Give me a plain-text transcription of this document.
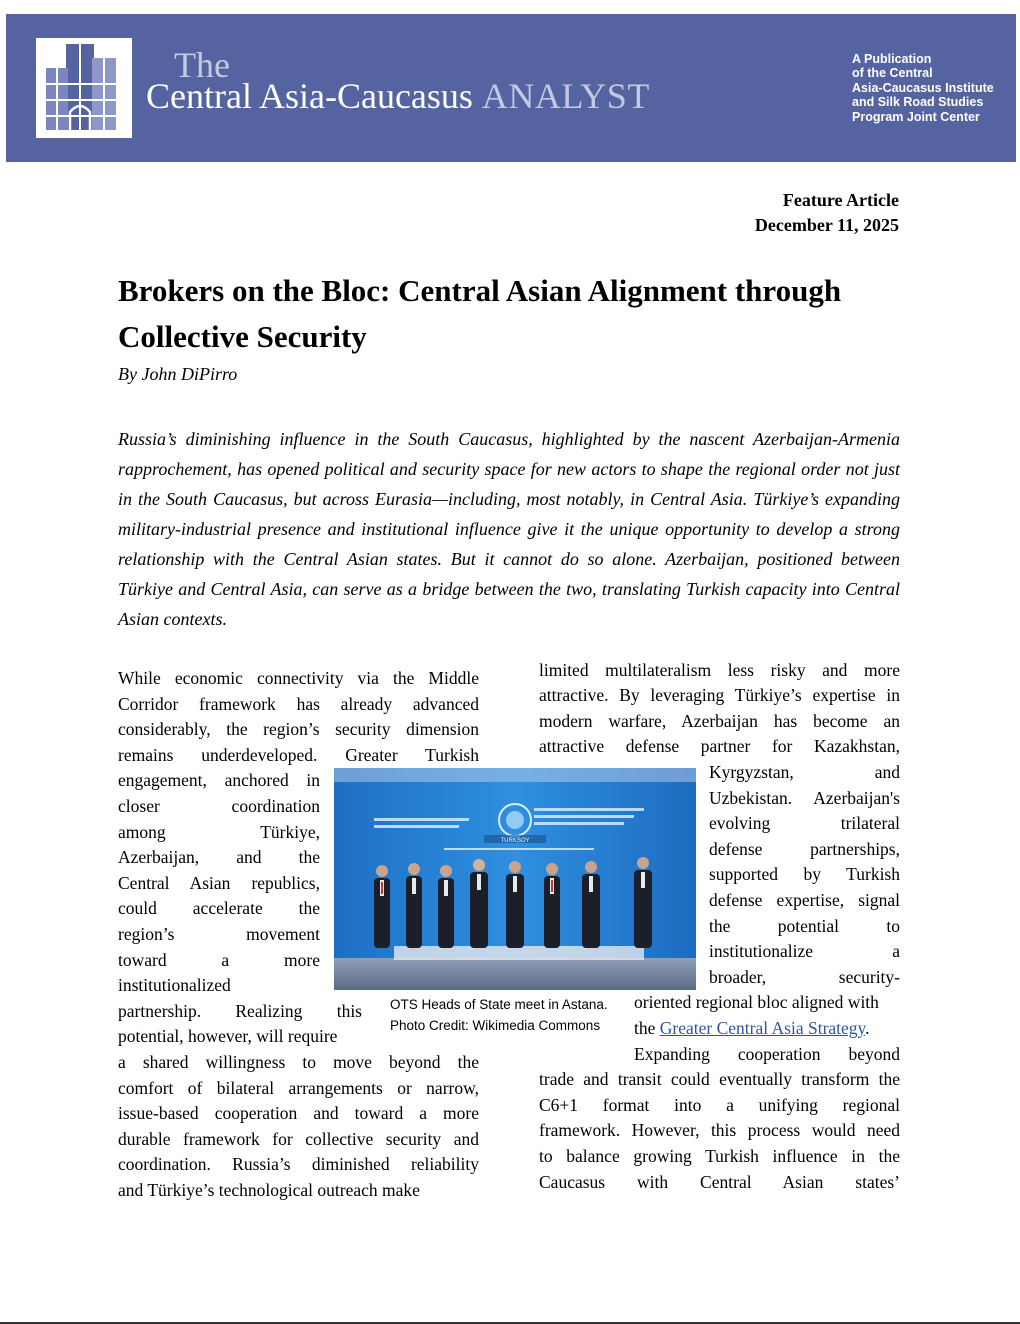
The
Central Asia-Caucasus ANALYST
A Publication
of the Central
Asia-Caucasus Institute
and Silk Road Studies
Program Joint Center
Feature Article
December 11, 2025
Brokers on the Bloc: Central Asian Alignment through Collective Security
By John DiPirro

Russia’s diminishing influence in the South Caucasus, highlighted by the nascent Azerbaijan-Armenia rapprochement, has opened political and security space for new actors to shape the regional order not just in the South Caucasus, but across Eurasia—including, most notably, in Central Asia. Türkiye’s expanding military-industrial presence and institutional influence give it the unique opportunity to develop a strong relationship with the Central Asian states. But it cannot do so alone. Azerbaijan, positioned between Türkiye and Central Asia, can serve as a bridge between the two, translating Turkish capacity into Central Asian contexts.

While economic connectivity via the Middle
Corridor framework has already advanced
considerably, the region’s security dimension
remains underdeveloped. Greater Turkish
engagement, anchored in
closer coordination
among Türkiye,
Azerbaijan, and the
Central Asian republics,
could accelerate the
region’s movement
toward a more
institutionalized
partnership. Realizing this
potential, however, will require
a shared willingness to move beyond the
comfort of bilateral arrangements or narrow,
issue-based cooperation and toward a more
durable framework for collective security and
coordination. Russia’s diminished reliability
and Türkiye’s technological outreach make
limited multilateralism less risky and more
attractive. By leveraging Türkiye’s expertise in
modern warfare, Azerbaijan has become an
attractive defense partner for Kazakhstan,
Kyrgyzstan, and
Uzbekistan. Azerbaijan's
evolving trilateral
defense partnerships,
supported by Turkish
defense expertise, signal
the potential to
institutionalize a
broader, security-
oriented regional bloc aligned with
the Greater Central Asia Strategy.
Expanding cooperation beyond
trade and transit could eventually transform the
C6+1 format into a unifying regional
framework. However, this process would need
to balance growing Turkish influence in the
Caucasus with Central Asian states’
TURKSOY
OTS Heads of State meet in Astana.
Photo Credit: Wikimedia Commons
